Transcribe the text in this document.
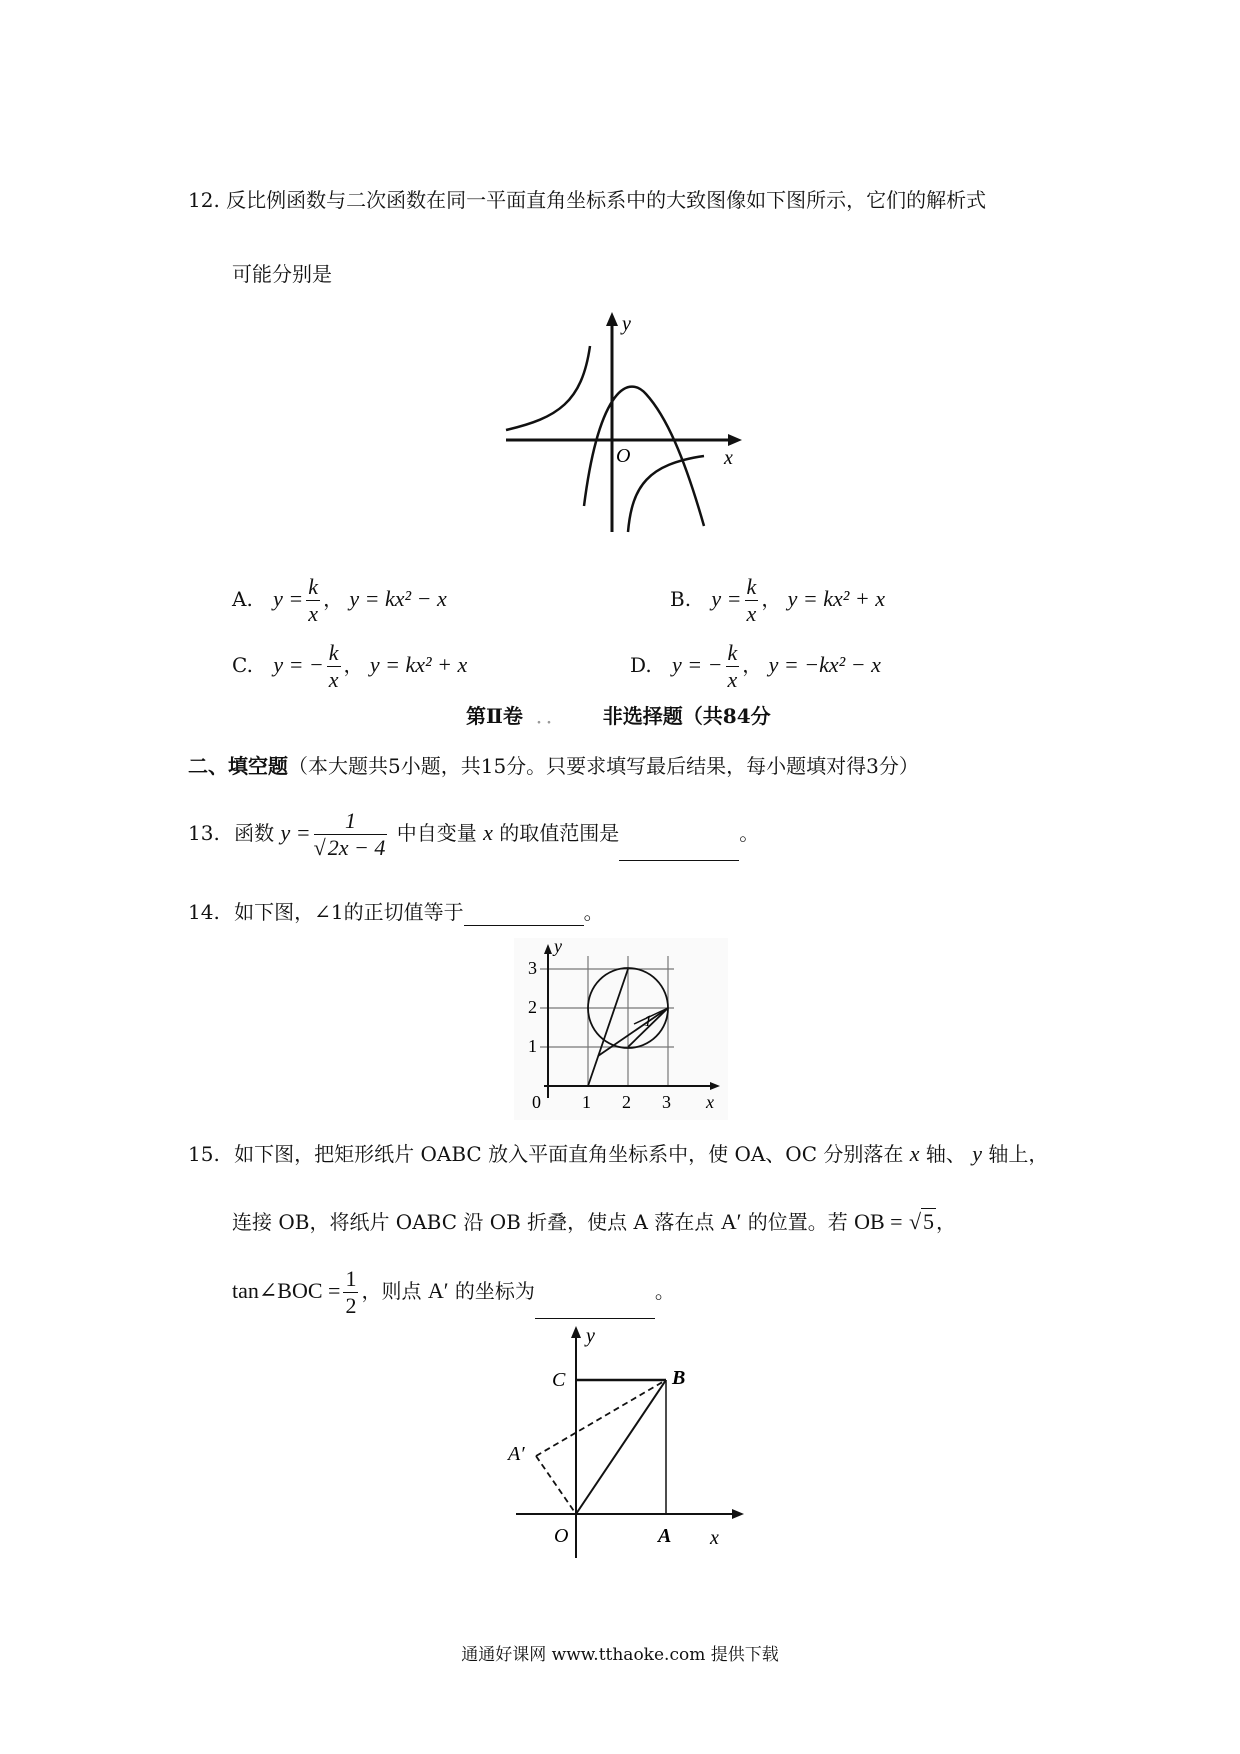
12. 反比例函数与二次函数在同一平面直角坐标系中的大致图像如下图所示，它们的解析式
可能分别是
y
x
O
A. $y = \frac{k}{x}$ ， y = kx² − x	B. $y = \frac{k}{x}$ ， y = kx² + x
C. y = − $\frac{k}{x}$ ， y = kx² + x	D. y = − $\frac{k}{x}$ ， y = −kx² − x
第Ⅱ卷 ．． 非选择题（共84分
二、填空题（本大题共5小题，共15分。只要求填写最后结果，每小题填对得3分）
13. 函数 $y = \frac{1}{√2x - 4}$ 中自变量 x 的取值范围是	。
14. 如下图，∠1的正切值等于	。
1
y
x
3
2
1
0 1 2 3
15. 如下图，把矩形纸片 OABC 放入平面直角坐标系中，使 OA、OC 分别落在 x 轴、 y 轴上，
连接 OB，将纸片 OABC 沿 OB 折叠，使点 A 落在点 A′ 的位置。若 OB = √5 ，
tan∠BOC = $\frac{1}{2}$ ，则点 A′ 的坐标为	。
y
x
O	A
B
C
A′
通通好课网 www.tthaoke.com 提供下载
